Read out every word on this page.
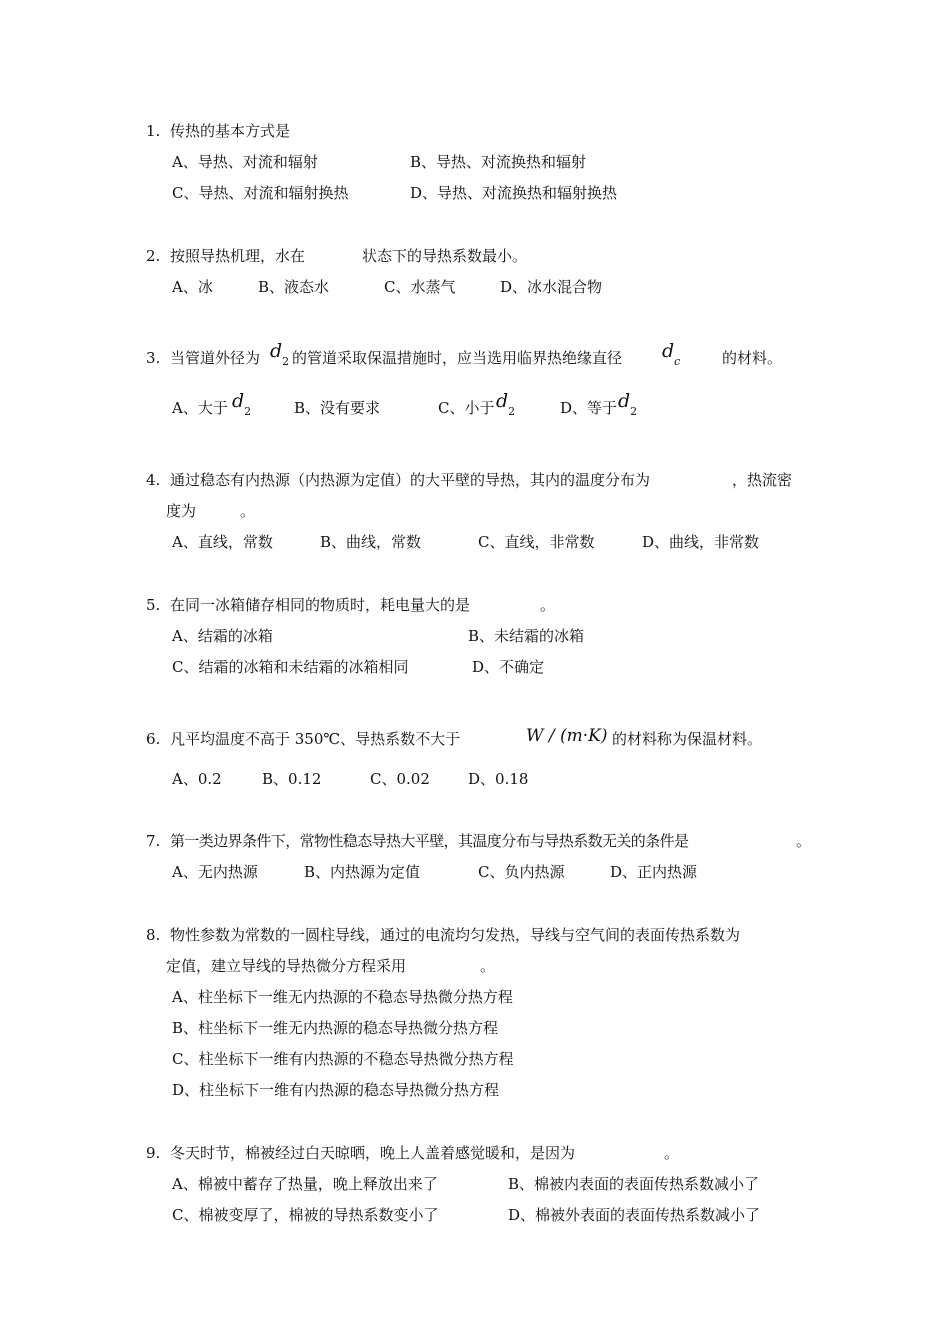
1. 传热的基本方式是
A、导热、对流和辐射	B、导热、对流换热和辐射
C、导热、对流和辐射换热	D、导热、对流换热和辐射换热
2. 按照导热机理，水在	状态下的导热系数最小。
A、冰	B、液态水	C、水蒸气	D、冰水混合物
3. 当管道外径为 $d_2$ 的管道采取保温措施时，应当选用临界热绝缘直径 $d_c$	的材料。
A、大于 $d_2$	B、没有要求	C、小于 $d_2$	D、等于 $d_2$
4. 通过稳态有内热源（内热源为定值）的大平壁的导热，其内的温度分布为	，热流密
度为	。
A、直线，常数	B、曲线，常数	C、直线，非常数	D、曲线，非常数
5. 在同一冰箱储存相同的物质时，耗电量大的是	。
A、结霜的冰箱	B、未结霜的冰箱
C、结霜的冰箱和未结霜的冰箱相同	D、不确定
6. 凡平均温度不高于 350℃、导热系数不大于	W / (m·K) 的材料称为保温材料。
A、0.2	B、0.12	C、0.02	D、0.18
7. 第一类边界条件下，常物性稳态导热大平壁，其温度分布与导热系数无关的条件是	。
A、无内热源	B、内热源为定值	C、负内热源	D、正内热源
8. 物性参数为常数的一圆柱导线，通过的电流均匀发热，导线与空气间的表面传热系数为
定值，建立导线的导热微分方程采用	。
A、柱坐标下一维无内热源的不稳态导热微分热方程
B、柱坐标下一维无内热源的稳态导热微分热方程
C、柱坐标下一维有内热源的不稳态导热微分热方程
D、柱坐标下一维有内热源的稳态导热微分热方程
9. 冬天时节，棉被经过白天晾晒，晚上人盖着感觉暖和，是因为	。
A、棉被中蓄存了热量，晚上释放出来了	B、棉被内表面的表面传热系数减小了
C、棉被变厚了，棉被的导热系数变小了	D、棉被外表面的表面传热系数减小了
